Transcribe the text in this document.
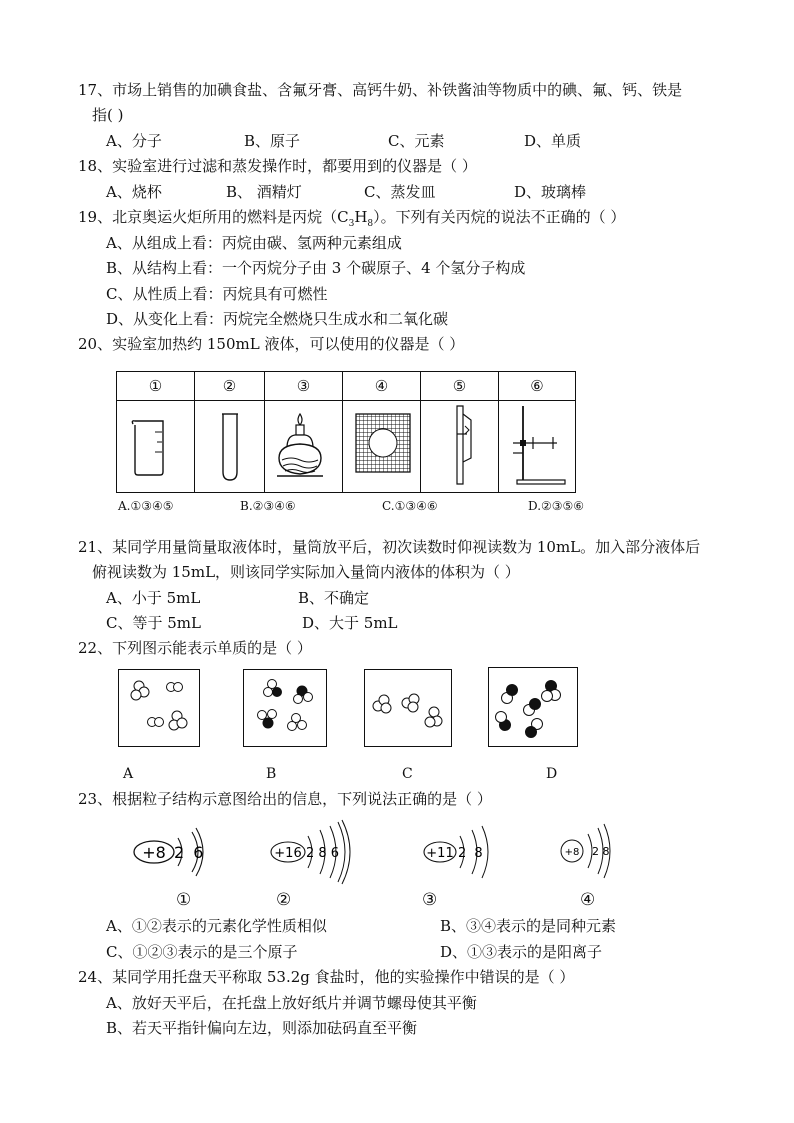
17、市场上销售的加碘食盐、含氟牙膏、高钙牛奶、补铁酱油等物质中的碘、氟、钙、铁是
指( )
A、分子	B、原子	C、元素	D、单质
18、实验室进行过滤和蒸发操作时，都要用到的仪器是（ ）
A、烧杯	B、 酒精灯	C、蒸发皿	D、玻璃棒
19、北京奥运火炬所用的燃料是丙烷$(C_3H_8)$。下列有关丙烷的说法不正确的（ ）
A、从组成上看：丙烷由碳、氢两种元素组成
B、从结构上看：一个丙烷分子由 3 个碳原子、4 个氢分子构成
C、从性质上看：丙烷具有可燃性
D、从变化上看：丙烷完全燃烧只生成水和二氧化碳
20、实验室加热约 150mL 液体，可以使用的仪器是（ ）
①	②	③	④	⑤	⑥
A.①③④⑤	B.②③④⑥	C.①③④⑥	D.②③⑤⑥
21、某同学用量筒量取液体时，量筒放平后，初次读数时仰视读数为 10mL。加入部分液体后
俯视读数为 15mL，则该同学实际加入量筒内液体的体积为（ ）
A、小于 5mL	B、不确定
C、等于 5mL	D、大于 5mL
22、下列图示能表示单质的是（ ）
A	B	C	D
23、根据粒子结构示意图给出的信息，下列说法正确的是（ ）
+8 2 6	+16 2 8 6	+11 2 8	+8 2 8
①	②	③	④
A、①②表示的元素化学性质相似	B、③④表示的是同种元素
C、①②③表示的是三个原子	D、①③表示的是阳离子
24、某同学用托盘天平称取 53.2g 食盐时，他的实验操作中错误的是（ ）
A、放好天平后，在托盘上放好纸片并调节螺母使其平衡
B、若天平指针偏向左边，则添加砝码直至平衡
